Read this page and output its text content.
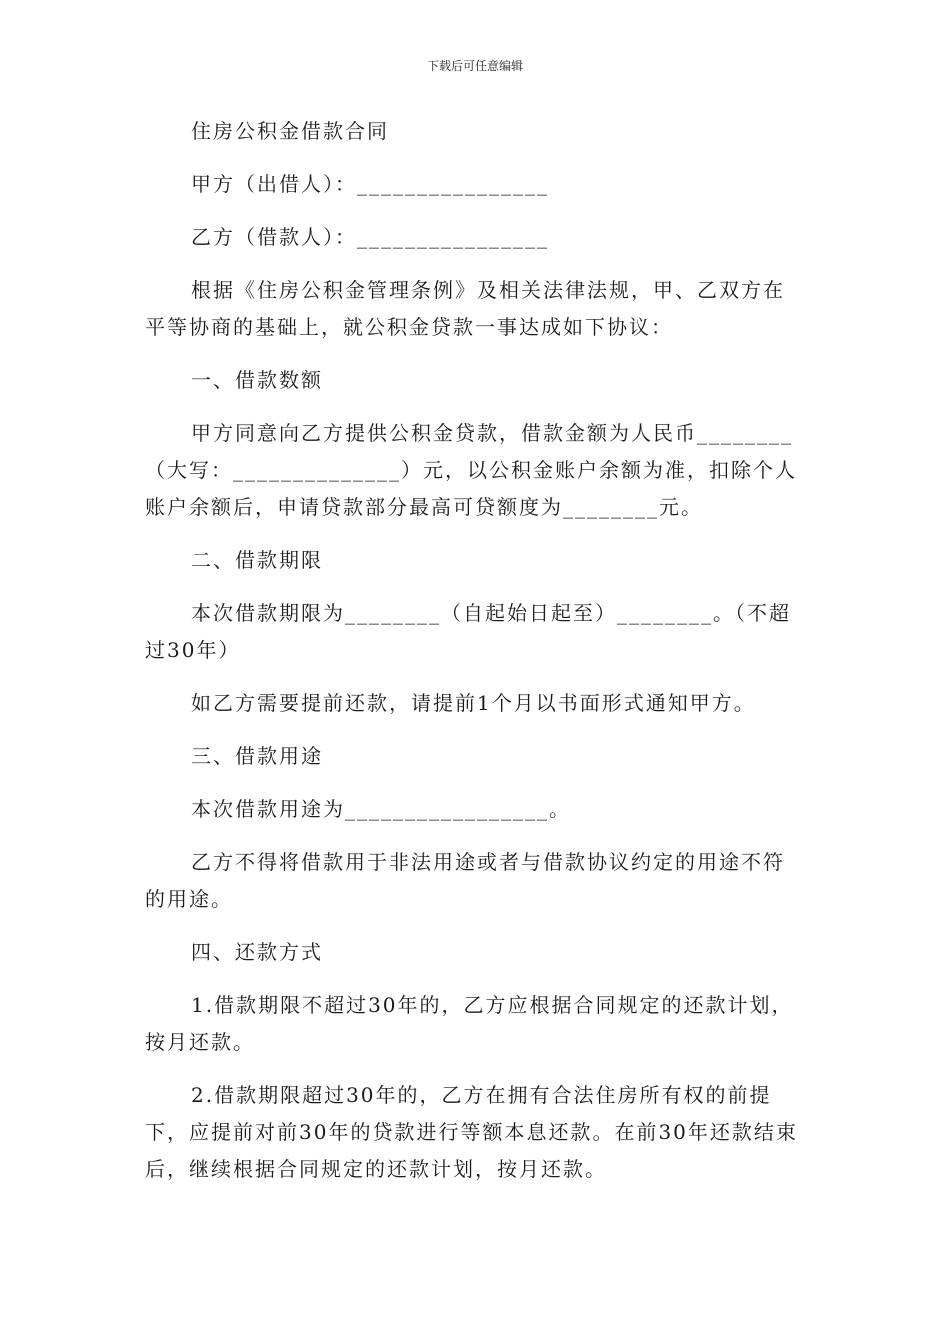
下载后可任意编辑

住房公积金借款合同

甲方（出借人）：________________

乙方（借款人）：________________

根据《住房公积金管理条例》及相关法律法规，甲、乙双方在平等协商的基础上，就公积金贷款一事达成如下协议：

一、借款数额

甲方同意向乙方提供公积金贷款，借款金额为人民币________（大写：______________）元，以公积金账户余额为准，扣除个人账户余额后，申请贷款部分最高可贷额度为________元。

二、借款期限

本次借款期限为________（自起始日起至）________。（不超过30年）

如乙方需要提前还款，请提前1个月以书面形式通知甲方。

三、借款用途

本次借款用途为_________________。

乙方不得将借款用于非法用途或者与借款协议约定的用途不符的用途。

四、还款方式

1.借款期限不超过30年的，乙方应根据合同规定的还款计划，按月还款。

2.借款期限超过30年的，乙方在拥有合法住房所有权的前提下，应提前对前30年的贷款进行等额本息还款。在前30年还款结束后，继续根据合同规定的还款计划，按月还款。
